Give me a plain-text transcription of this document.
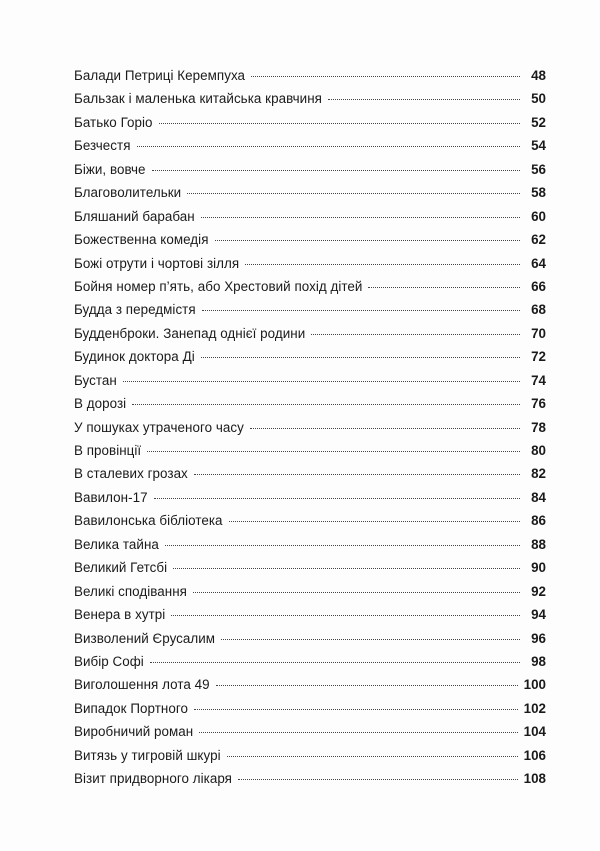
Балади Петриці Керемпуха	48
Бальзак і маленька китайська кравчиня	50
Батько Горіо	52
Безчестя	54
Біжи, вовче	56
Благоволительки	58
Бляшаний барабан	60
Божественна комедія	62
Божі отрути і чортові зілля	64
Бойня номер п’ять, або Хрестовий похід дітей	66
Будда з передмістя	68
Будденброки. Занепад однієї родини	70
Будинок доктора Ді	72
Бустан	74
В дорозі	76
У пошуках утраченого часу	78
В провінції	80
В сталевих грозах	82
Вавилон-17	84
Вавилонська бібліотека	86
Велика тайна	88
Великий Гетсбі	90
Великі сподівання	92
Венера в хутрі	94
Визволений Єрусалим	96
Вибір Софі	98
Виголошення лота 49	100
Випадок Портного	102
Виробничий роман	104
Витязь у тигровій шкурі	106
Візит придворного лікаря	108
